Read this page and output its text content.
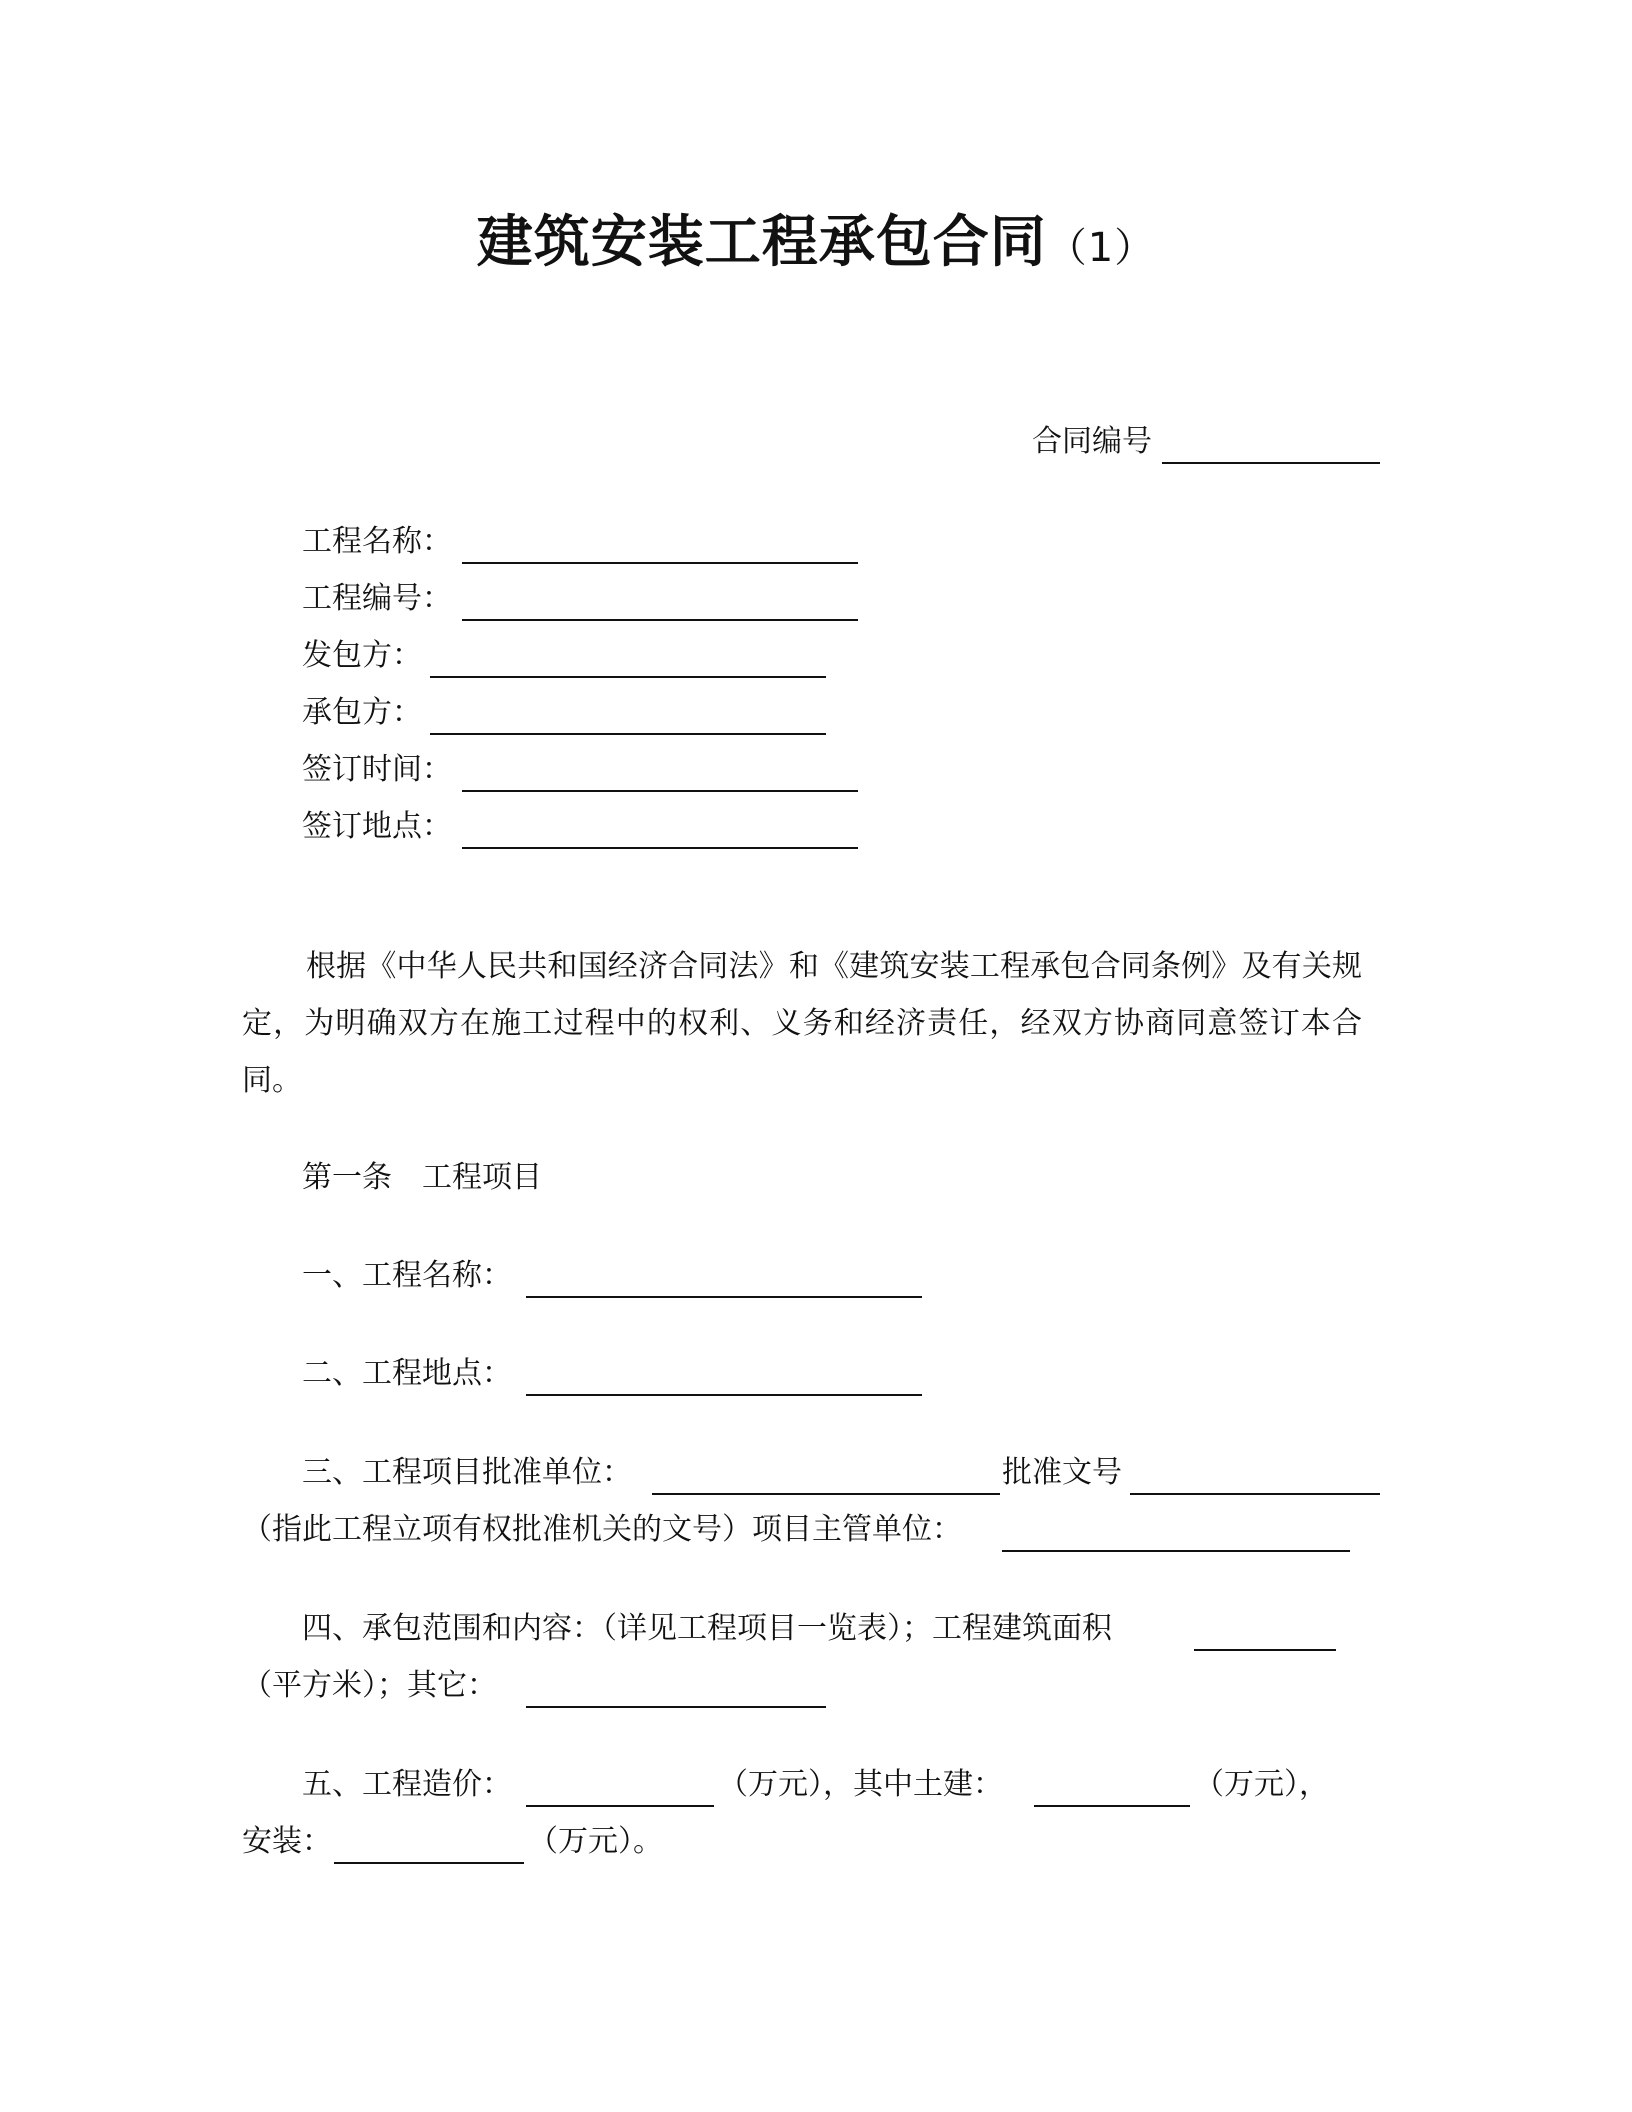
建筑安装工程承包合同（1）
合同编号
工程名称：
工程编号：
发包方：
承包方：
签订时间：
签订地点：
根据《中华人民共和国经济合同法》和《建筑安装工程承包合同条例》及有关规定，为明确双方在施工过程中的权利、义务和经济责任，经双方协商同意签订本合同。
第一条　工程项目
一、工程名称：
二、工程地点：
三、工程项目批准单位：	批准文号
（指此工程立项有权批准机关的文号）项目主管单位：
四、承包范围和内容：（详见工程项目一览表）；工程建筑面积
（平方米）；其它：
五、工程造价：	（万元），其中土建：	（万元），
安装：	（万元）。
